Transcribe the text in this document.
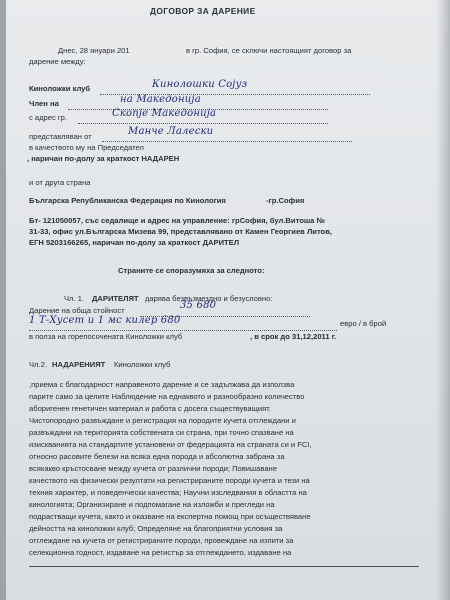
ДОГОВОР ЗА ДАРЕНИЕ
Днес, 28 януари 201	в гр. София, се сключи настоящият договор за
дарение между:
Киноложки клуб	Кинолошки Сојуз
Член на	на Македонија
с адрес гр.	Скопје Македонија
представляван от	Манче Лалески
в качеството му на Председател
, наричан по-долу за краткост НАДАРЕН
и от друга страна
Българска Републиканска Федерация по Кинология	-гр.София
Бт- 121050057, със седалище и адрес на управление: грСофия, бул.Витоша №
31-33, офис ул.Българска Мизева 99, представлявано от Камен Георгиев Литов,
ЕГН 5203166265, наричан по-долу за краткост ДАРИТЕЛ
Страните се споразумяха за следното:
Чл. 1. ДАРИТЕЛЯТ дарява безвъзмездно и безусловно:
Дарение на обща стойност	35 680
1 Т-Хусет и 1 мс килер 680	евро / в брой
в полза на горепосочената Киноложки клуб	, в срок до 31,12,2011 г.
Чл.2. НАДАРЕНИЯТ Киноложки клуб
,приема с благодарност направеното дарение и се задължава да използва
парите само за целите Наблюдение на еднаквото и разнообразно количество
аборигенен генетичен материал и работа с досега съществуващият.
Чистопородно развъждане и регистрация на породите кучета отглеждани и
развъждани на територията собствената си страна, при точно спазване на
изискванията на стандартите установени от федерацията на страната си и FCI,
относно расовите белези на всяка една порода и абсолютна забрана за
всякакво кръстосване между кучета от различни породи; Повишаване
качеството на физически резултати на регистрираните породи кучета и тези на
техния характер, и поведенчески качества; Научни изследвания в областта на
кинологията; Организиране и подпомагане на изложби и прегледи на
подрастващи кучета, както и оказване на експертна помощ при осъществяване
дейността на киноложки клуб; Определяне на благоприятни условия за
отглеждане на кучета от регистрираните породи, провеждане на изпити за
селекционна годност, издаване на регистър за отглеждането, издаване на
